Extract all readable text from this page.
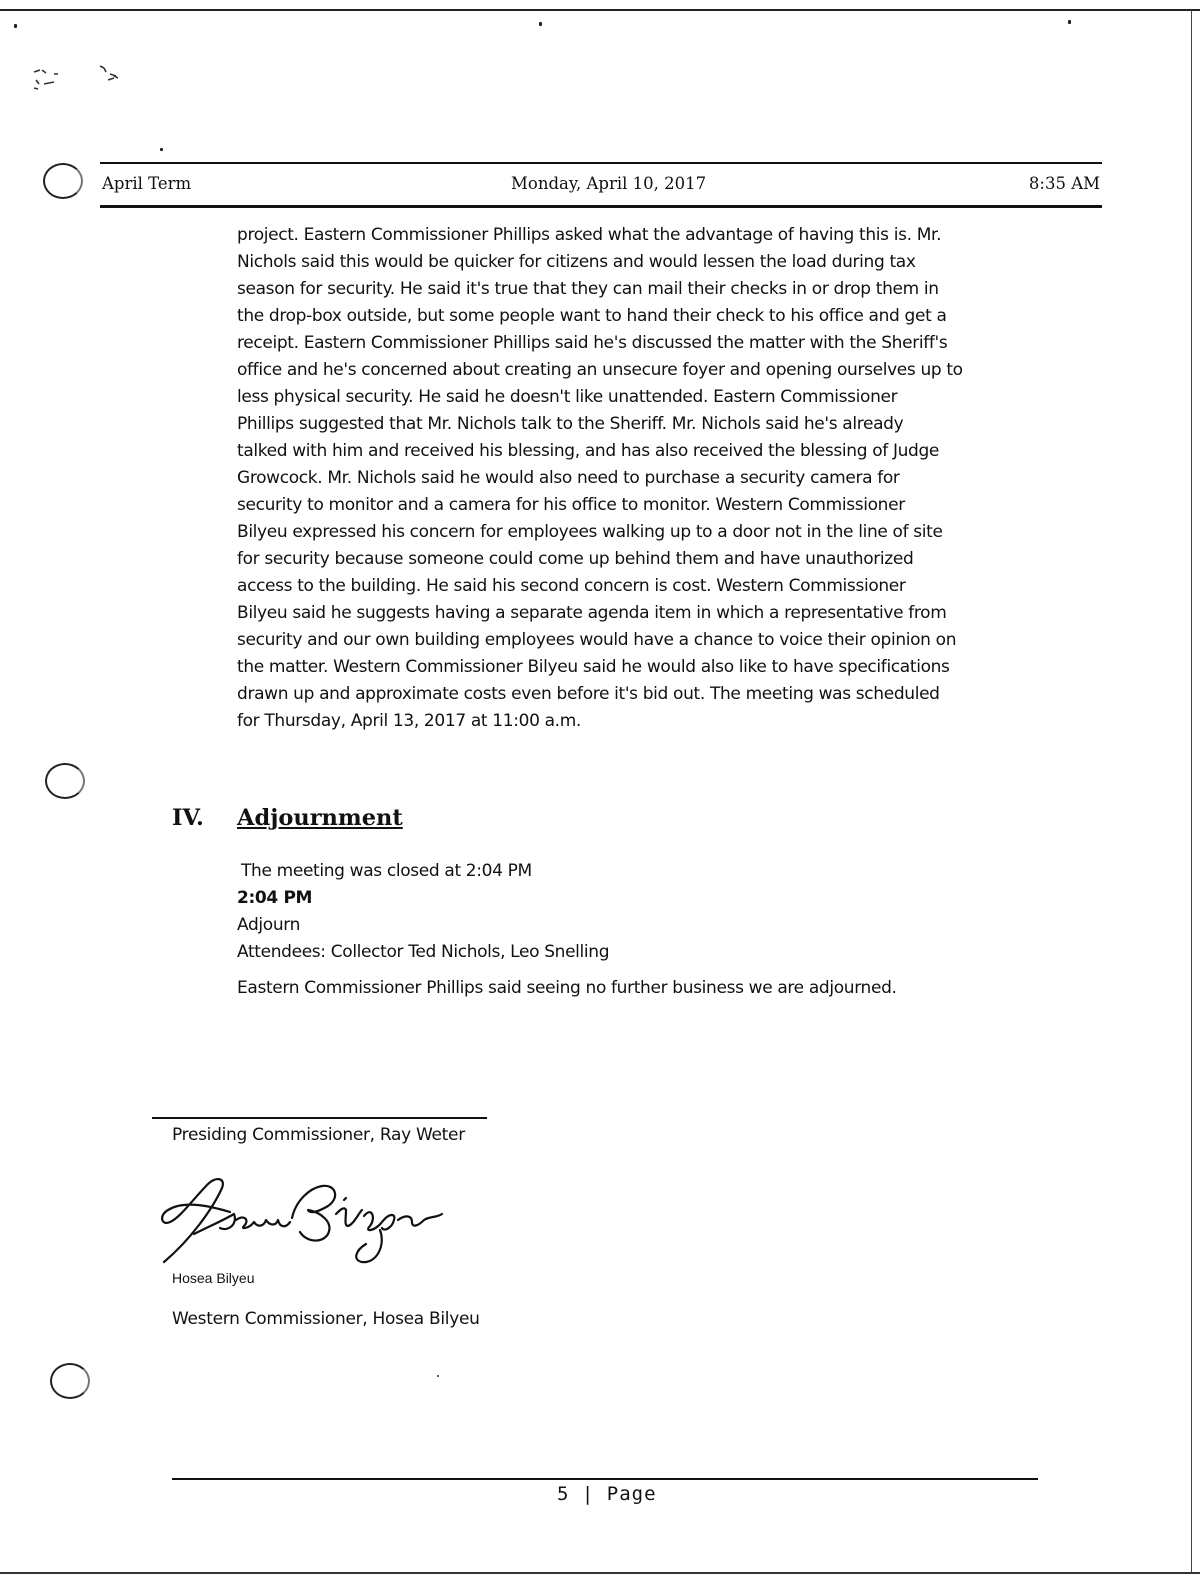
April Term	Monday, April 10, 2017	8:35 AM
project. Eastern Commissioner Phillips asked what the advantage of having this is. Mr.
Nichols said this would be quicker for citizens and would lessen the load during tax
season for security. He said it's true that they can mail their checks in or drop them in
the drop-box outside, but some people want to hand their check to his office and get a
receipt. Eastern Commissioner Phillips said he's discussed the matter with the Sheriff's
office and he's concerned about creating an unsecure foyer and opening ourselves up to
less physical security. He said he doesn't like unattended. Eastern Commissioner
Phillips suggested that Mr. Nichols talk to the Sheriff. Mr. Nichols said he's already
talked with him and received his blessing, and has also received the blessing of Judge
Growcock. Mr. Nichols said he would also need to purchase a security camera for
security to monitor and a camera for his office to monitor. Western Commissioner
Bilyeu expressed his concern for employees walking up to a door not in the line of site
for security because someone could come up behind them and have unauthorized
access to the building. He said his second concern is cost. Western Commissioner
Bilyeu said he suggests having a separate agenda item in which a representative from
security and our own building employees would have a chance to voice their opinion on
the matter. Western Commissioner Bilyeu said he would also like to have specifications
drawn up and approximate costs even before it's bid out. The meeting was scheduled
for Thursday, April 13, 2017 at 11:00 a.m.
IV. Adjournment
The meeting was closed at 2:04 PM
2:04 PM
Adjourn
Attendees: Collector Ted Nichols, Leo Snelling
Eastern Commissioner Phillips said seeing no further business we are adjourned.
Presiding Commissioner, Ray Weter
Hosea Bilyeu
Western Commissioner, Hosea Bilyeu
5 | Page
